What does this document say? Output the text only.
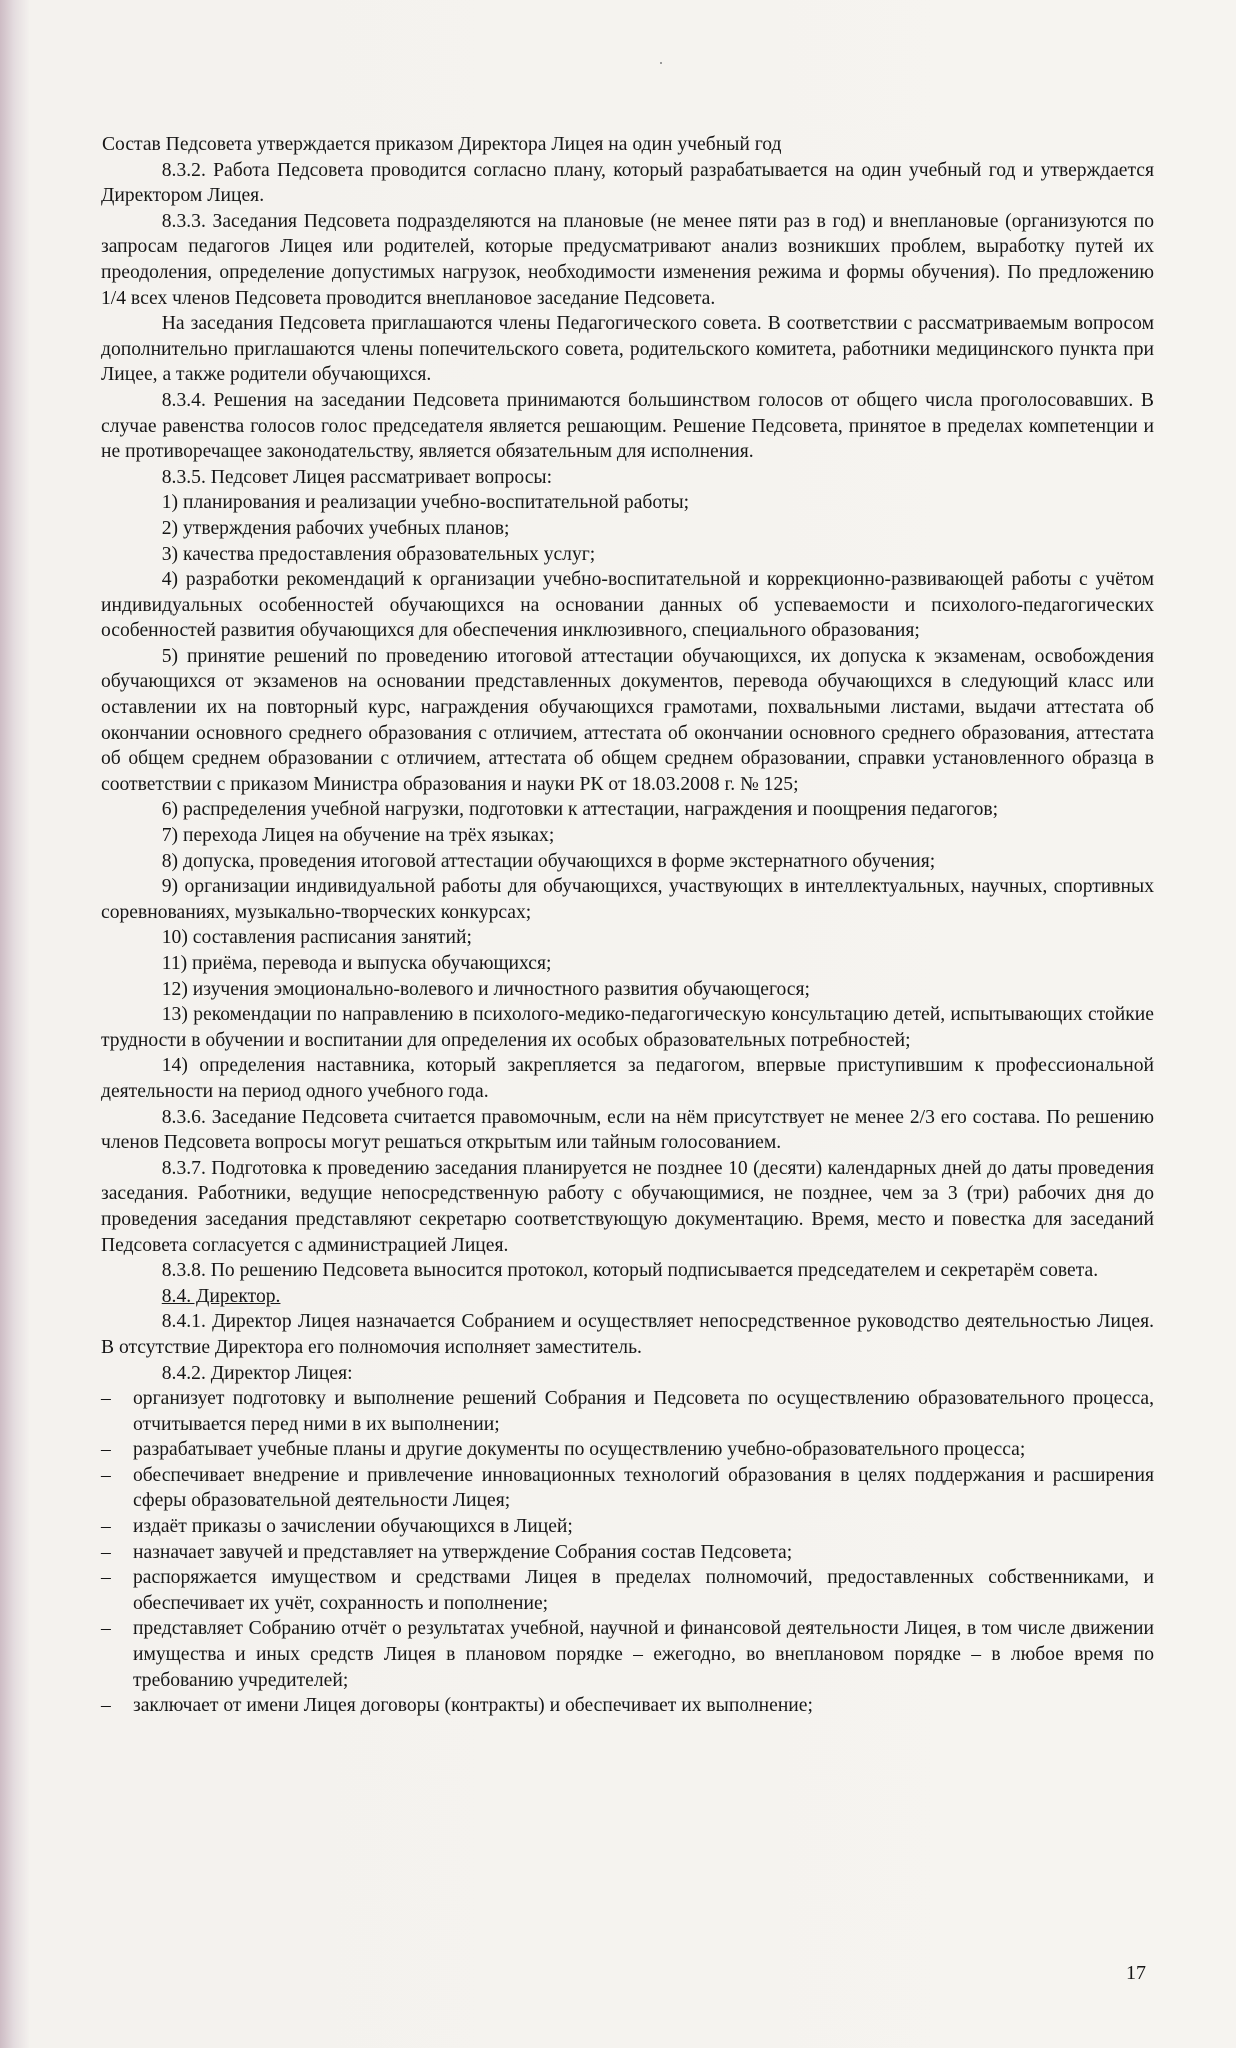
Состав Педсовета утверждается приказом Директора Лицея на один учебный год

8.3.2. Работа Педсовета проводится согласно плану, который разрабатывается на один учебный год и утверждается Директором Лицея.

8.3.3. Заседания Педсовета подразделяются на плановые (не менее пяти раз в год) и внеплановые (организуются по запросам педагогов Лицея или родителей, которые предусматривают анализ возникших проблем, выработку путей их преодоления, определение допустимых нагрузок, необходимости изменения режима и формы обучения). По предложению 1/4 всех членов Педсовета проводится внеплановое заседание Педсовета.

На заседания Педсовета приглашаются члены Педагогического совета. В соответствии с рассматриваемым вопросом дополнительно приглашаются члены попечительского совета, родительского комитета, работники медицинского пункта при Лицее, а также родители обучающихся.

8.3.4. Решения на заседании Педсовета принимаются большинством голосов от общего числа проголосовавших. В случае равенства голосов голос председателя является решающим. Решение Педсовета, принятое в пределах компетенции и не противоречащее законодательству, является обязательным для исполнения.

8.3.5. Педсовет Лицея рассматривает вопросы:

1) планирования и реализации учебно-воспитательной работы;

2) утверждения рабочих учебных планов;

3) качества предоставления образовательных услуг;

4) разработки рекомендаций к организации учебно-воспитательной и коррекционно-развивающей работы с учётом индивидуальных особенностей обучающихся на основании данных об успеваемости и психолого-педагогических особенностей развития обучающихся для обеспечения инклюзивного, специального образования;

5) принятие решений по проведению итоговой аттестации обучающихся, их допуска к экзаменам, освобождения обучающихся от экзаменов на основании представленных документов, перевода обучающихся в следующий класс или оставлении их на повторный курс, награждения обучающихся грамотами, похвальными листами, выдачи аттестата об окончании основного среднего образования с отличием, аттестата об окончании основного среднего образования, аттестата об общем среднем образовании с отличием, аттестата об общем среднем образовании, справки установленного образца в соответствии с приказом Министра образования и науки РК от 18.03.2008 г. № 125;

6) распределения учебной нагрузки, подготовки к аттестации, награждения и поощрения педагогов;

7) перехода Лицея на обучение на трёх языках;

8) допуска, проведения итоговой аттестации обучающихся в форме экстернатного обучения;

9) организации индивидуальной работы для обучающихся, участвующих в интеллектуальных, научных, спортивных соревнованиях, музыкально-творческих конкурсах;

10) составления расписания занятий;

11) приёма, перевода и выпуска обучающихся;

12) изучения эмоционально-волевого и личностного развития обучающегося;

13) рекомендации по направлению в психолого-медико-педагогическую консультацию детей, испытывающих стойкие трудности в обучении и воспитании для определения их особых образовательных потребностей;

14) определения наставника, который закрепляется за педагогом, впервые приступившим к профессиональной деятельности на период одного учебного года.

8.3.6. Заседание Педсовета считается правомочным, если на нём присутствует не менее 2/3 его состава. По решению членов Педсовета вопросы могут решаться открытым или тайным голосованием.

8.3.7. Подготовка к проведению заседания планируется не позднее 10 (десяти) календарных дней до даты проведения заседания. Работники, ведущие непосредственную работу с обучающимися, не позднее, чем за 3 (три) рабочих дня до проведения заседания представляют секретарю соответствующую документацию. Время, место и повестка для заседаний Педсовета согласуется с администрацией Лицея.

8.3.8. По решению Педсовета выносится протокол, который подписывается председателем и секретарём совета.

8.4. Директор.

8.4.1. Директор Лицея назначается Собранием и осуществляет непосредственное руководство деятельностью Лицея. В отсутствие Директора его полномочия исполняет заместитель.

8.4.2. Директор Лицея:

– организует подготовку и выполнение решений Собрания и Педсовета по осуществлению образовательного процесса, отчитывается перед ними в их выполнении;

– разрабатывает учебные планы и другие документы по осуществлению учебно-образовательного процесса;

– обеспечивает внедрение и привлечение инновационных технологий образования в целях поддержания и расширения сферы образовательной деятельности Лицея;

– издаёт приказы о зачислении обучающихся в Лицей;

– назначает завучей и представляет на утверждение Собрания состав Педсовета;

– распоряжается имуществом и средствами Лицея в пределах полномочий, предоставленных собственниками, и обеспечивает их учёт, сохранность и пополнение;

– представляет Собранию отчёт о результатах учебной, научной и финансовой деятельности Лицея, в том числе движении имущества и иных средств Лицея в плановом порядке – ежегодно, во внеплановом порядке – в любое время по требованию учредителей;

– заключает от имени Лицея договоры (контракты) и обеспечивает их выполнение;

17
